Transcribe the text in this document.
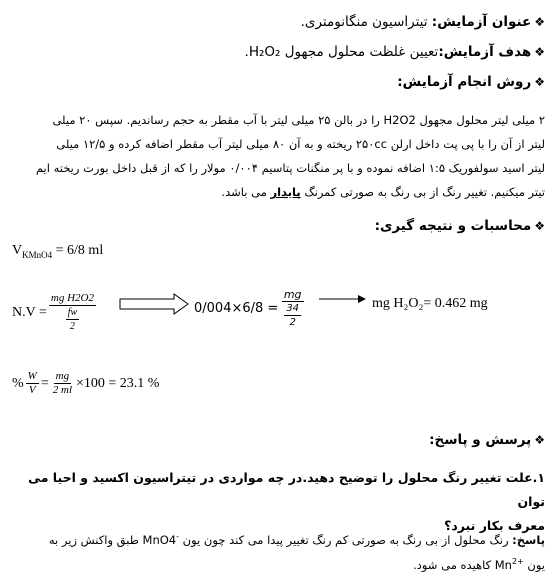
❖عنوان آزمایش: تیتراسیون منگانومتری.
❖هدف آزمایش:تعیین غلظت محلول مجهول H₂O₂.
❖روش انجام آزمایش:
۲ میلی لیتر محلول مجهول H2O2 را در بالن ۲۵ میلی لیتر با آب مقطر به حجم رساندیم. سپس ۲۰ میلی
لیتر از آن را با پی پت داخل ارلن ۲۵۰cc ریخته و به آن ۸۰ میلی لیتر آب مقطر اضافه کرده و ۱۲/۵ میلی
لیتر اسید سولفوریک ۱:۵ اضافه نموده و با پر منگنات پتاسیم ۰/۰۰۴ مولار را که از قبل داخل بورت ریخته ایم
تیتر میکنیم. تغییر رنگ از بی رنگ به صورتی کمرنگ پایدار می باشد.
❖محاسبات و نتیجه گیری:
$V_{KMnO4} = 6/8$ ml
$N.V = \frac{\text{mg H2O2}}{\frac{fw}{2}}$	$0/004\times 6/8 = \frac{mg}{\frac{34}{2}}$	mg H₂O₂= 0.462 mg
% $\frac{W}{V} = \frac{mg}{2 ml} \times 100 = 23.1$ %
❖پرسش و پاسخ:
۱.علت تغییر رنگ محلول را توضیح دهید.در چه مواردی در تیتراسیون اکسید و احیا می توان
معرف بکار نبرد؟
پاسخ: رنگ محلول از بی رنگ به صورتی کم رنگ تغییر پیدا می کند چون یون MnO4- طبق واکنش زیر به
یون $Mn^{2+}$ کاهیده می شود.
